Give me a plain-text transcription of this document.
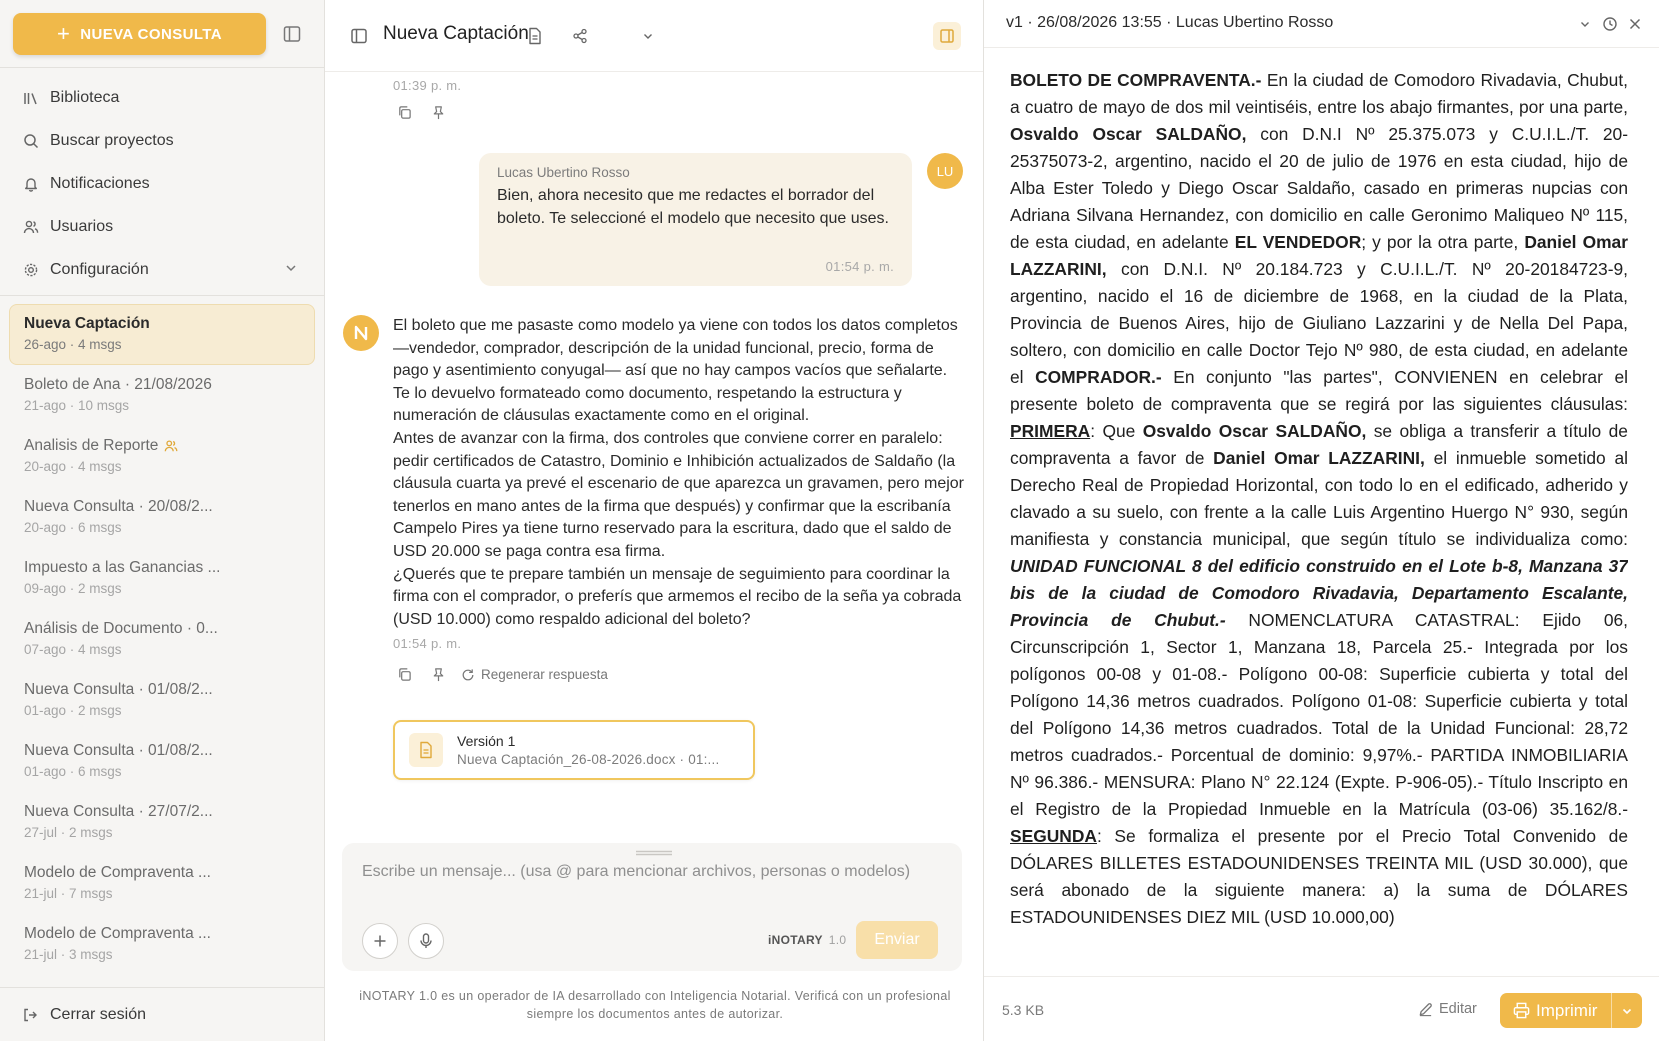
+ NUEVA CONSULTA
Biblioteca
Buscar proyectos
Notificaciones
Usuarios
Configuración
Nueva Captación
26-ago · 4 msgs
Boleto de Ana · 21/08/2026
21-ago · 10 msgs
Analisis de Reporte
20-ago · 4 msgs
Nueva Consulta · 20/08/2...
20-ago · 6 msgs
Impuesto a las Ganancias ...
09-ago · 2 msgs
Análisis de Documento · 0...
07-ago · 4 msgs
Nueva Consulta · 01/08/2...
01-ago · 2 msgs
Nueva Consulta · 01/08/2...
01-ago · 6 msgs
Nueva Consulta · 27/07/2...
27-jul · 2 msgs
Modelo de Compraventa ...
21-jul · 7 msgs
Modelo de Compraventa ...
21-jul · 3 msgs
Cerrar sesión
Nueva Captación
01:39 p. m.
Lucas Ubertino Rosso
Bien, ahora necesito que me redactes el borrador del boleto. Te seleccioné el modelo que necesito que uses.
01:54 p. m.
LU
El boleto que me pasaste como modelo ya viene con todos los datos completos —vendedor, comprador, descripción de la unidad funcional, precio, forma de pago y asentimiento conyugal— así que no hay campos vacíos que señalarte. Te lo devuelvo formateado como documento, respetando la estructura y numeración de cláusulas exactamente como en el original.
Antes de avanzar con la firma, dos controles que conviene correr en paralelo: pedir certificados de Catastro, Dominio e Inhibición actualizados de Saldaño (la cláusula cuarta ya prevé el escenario de que aparezca un gravamen, pero mejor tenerlos en mano antes de la firma que después) y confirmar que la escribanía Campelo Pires ya tiene turno reservado para la escritura, dado que el saldo de USD 20.000 se paga contra esa firma.
¿Querés que te prepare también un mensaje de seguimiento para coordinar la firma con el comprador, o preferís que armemos el recibo de la seña ya cobrada (USD 10.000) como respaldo adicional del boleto?
01:54 p. m.
Regenerar respuesta
Versión 1
Nueva Captación_26-08-2026.docx · 01:...
Escribe un mensaje... (usa @ para mencionar archivos, personas o modelos)
iNOTARY 1.0	Enviar
iNOTARY 1.0 es un operador de IA desarrollado con Inteligencia Notarial. Verificá con un profesional siempre los documentos antes de autorizar.
v1 · 26/08/2026 13:55 · Lucas Ubertino Rosso
BOLETO DE COMPRAVENTA.- En la ciudad de Comodoro Rivadavia, Chubut, a cuatro de mayo de dos mil veintiséis, entre los abajo firmantes, por una parte, Osvaldo Oscar SALDAÑO, con D.N.I Nº 25.375.073 y C.U.I.L./T. 20-25375073-2, argentino, nacido el 20 de julio de 1976 en esta ciudad, hijo de Alba Ester Toledo y Diego Oscar Saldaño, casado en primeras nupcias con Adriana Silvana Hernandez, con domicilio en calle Geronimo Maliqueo Nº 115, de esta ciudad, en adelante EL VENDEDOR; y por la otra parte, Daniel Omar LAZZARINI, con D.N.I. Nº 20.184.723 y C.U.I.L./T. Nº 20-20184723-9, argentino, nacido el 16 de diciembre de 1968, en la ciudad de la Plata, Provincia de Buenos Aires, hijo de Giuliano Lazzarini y de Nella Del Papa, soltero, con domicilio en calle Doctor Tejo Nº 980, de esta ciudad, en adelante el COMPRADOR.- En conjunto "las partes", CONVIENEN en celebrar el presente boleto de compraventa que se regirá por las siguientes cláusulas: PRIMERA: Que Osvaldo Oscar SALDAÑO, se obliga a transferir a título de compraventa a favor de Daniel Omar LAZZARINI, el inmueble sometido al Derecho Real de Propiedad Horizontal, con todo lo en el edificado, adherido y clavado a su suelo, con frente a la calle Luis Argentino Huergo N° 930, según manifiesta y constancia municipal, que según título se individualiza como: UNIDAD FUNCIONAL 8 del edificio construido en el Lote b-8, Manzana 37 bis de la ciudad de Comodoro Rivadavia, Departamento Escalante, Provincia de Chubut.- NOMENCLATURA CATASTRAL: Ejido 06, Circunscripción 1, Sector 1, Manzana 18, Parcela 25.- Integrada por los polígonos 00-08 y 01-08.- Polígono 00-08: Superficie cubierta y total del Polígono 14,36 metros cuadrados. Polígono 01-08: Superficie cubierta y total del Polígono 14,36 metros cuadrados. Total de la Unidad Funcional: 28,72 metros cuadrados.- Porcentual de dominio: 9,97%.- PARTIDA INMOBILIARIA Nº 96.386.- MENSURA: Plano N° 22.124 (Expte. P-906-05).- Título Inscripto en el Registro de la Propiedad Inmueble en la Matrícula (03-06) 35.162/8.- SEGUNDA: Se formaliza el presente por el Precio Total Convenido de DÓLARES BILLETES ESTADOUNIDENSES TREINTA MIL (USD 30.000), que será abonado de la siguiente manera: a) la suma de DÓLARES ESTADOUNIDENSES DIEZ MIL (USD 10.000,00)
5.3 KB	Editar	Imprimir
